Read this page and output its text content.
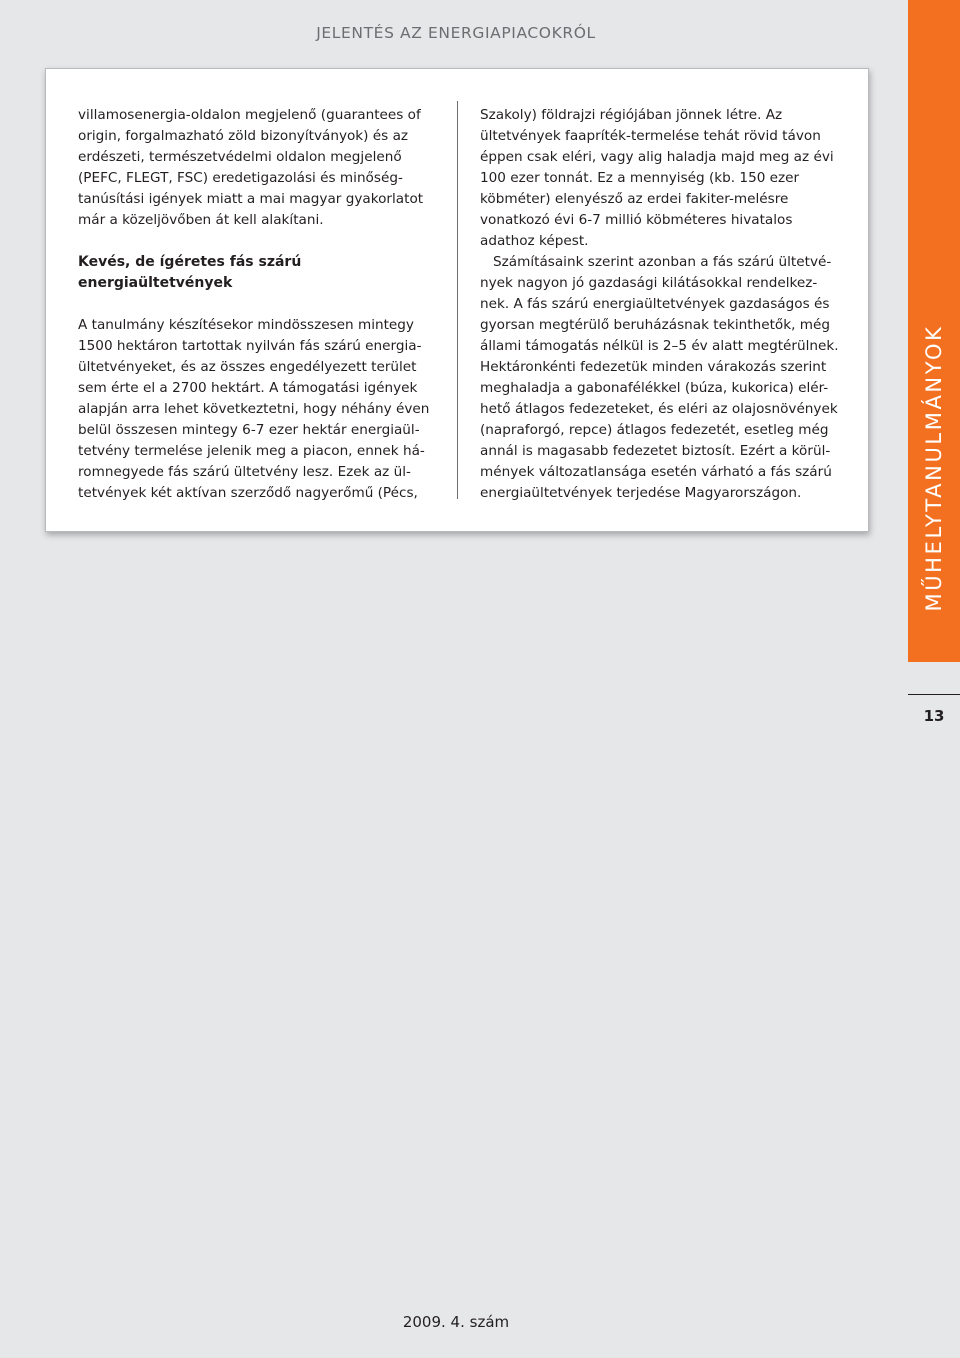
JELENTÉS AZ ENERGIAPIACOKRÓL

villamosenergia-oldalon megjelenő (guarantees of origin, forgalmazható zöld bizonyítványok) és az erdészeti, természetvédelmi oldalon megjelenő (PEFC, FLEGT, FSC) eredetigazolási és minőség-tanúsítási igények miatt a mai magyar gyakorlatot már a közeljövőben át kell alakítani.

Kevés, de ígéretes fás szárú energiaültetvények

A tanulmány készítésekor mindösszesen mintegy 1500 hektáron tartottak nyilván fás szárú energia-ültetvényeket, és az összes engedélyezett terület sem érte el a 2700 hektárt. A támogatási igények alapján arra lehet következtetni, hogy néhány éven belül összesen mintegy 6-7 ezer hektár energiaül-tetvény termelése jelenik meg a piacon, ennek há-romnegyede fás szárú ültetvény lesz. Ezek az ül-tetvények két aktívan szerződő nagyerőmű (Pécs,

Szakoly) földrajzi régiójában jönnek létre. Az ültetvények faapríték-termelése tehát rövid távon éppen csak eléri, vagy alig haladja majd meg az évi 100 ezer tonnát. Ez a mennyiség (kb. 150 ezer köbméter) elenyésző az erdei fakiter-melésre vonatkozó évi 6-7 millió köbméteres hivatalos adathoz képest.

Számításaink szerint azonban a fás szárú ültetvé-nyek nagyon jó gazdasági kilátásokkal rendelkez-nek. A fás szárú energiaültetvények gazdaságos és gyorsan megtérülő beruházásnak tekinthetők, még állami támogatás nélkül is 2–5 év alatt megtérülnek. Hektáronkénti fedezetük minden várakozás szerint meghaladja a gabonafélékkel (búza, kukorica) elér-hető átlagos fedezeteket, és eléri az olajosnövények (napraforgó, repce) átlagos fedezetét, esetleg még annál is magasabb fedezetet biztosít. Ezért a körül-mények változatlansága esetén várható a fás szárú energiaültetvények terjedése Magyarországon.	MŰHELYTANULMÁNYOK
13
2009. 4. szám
